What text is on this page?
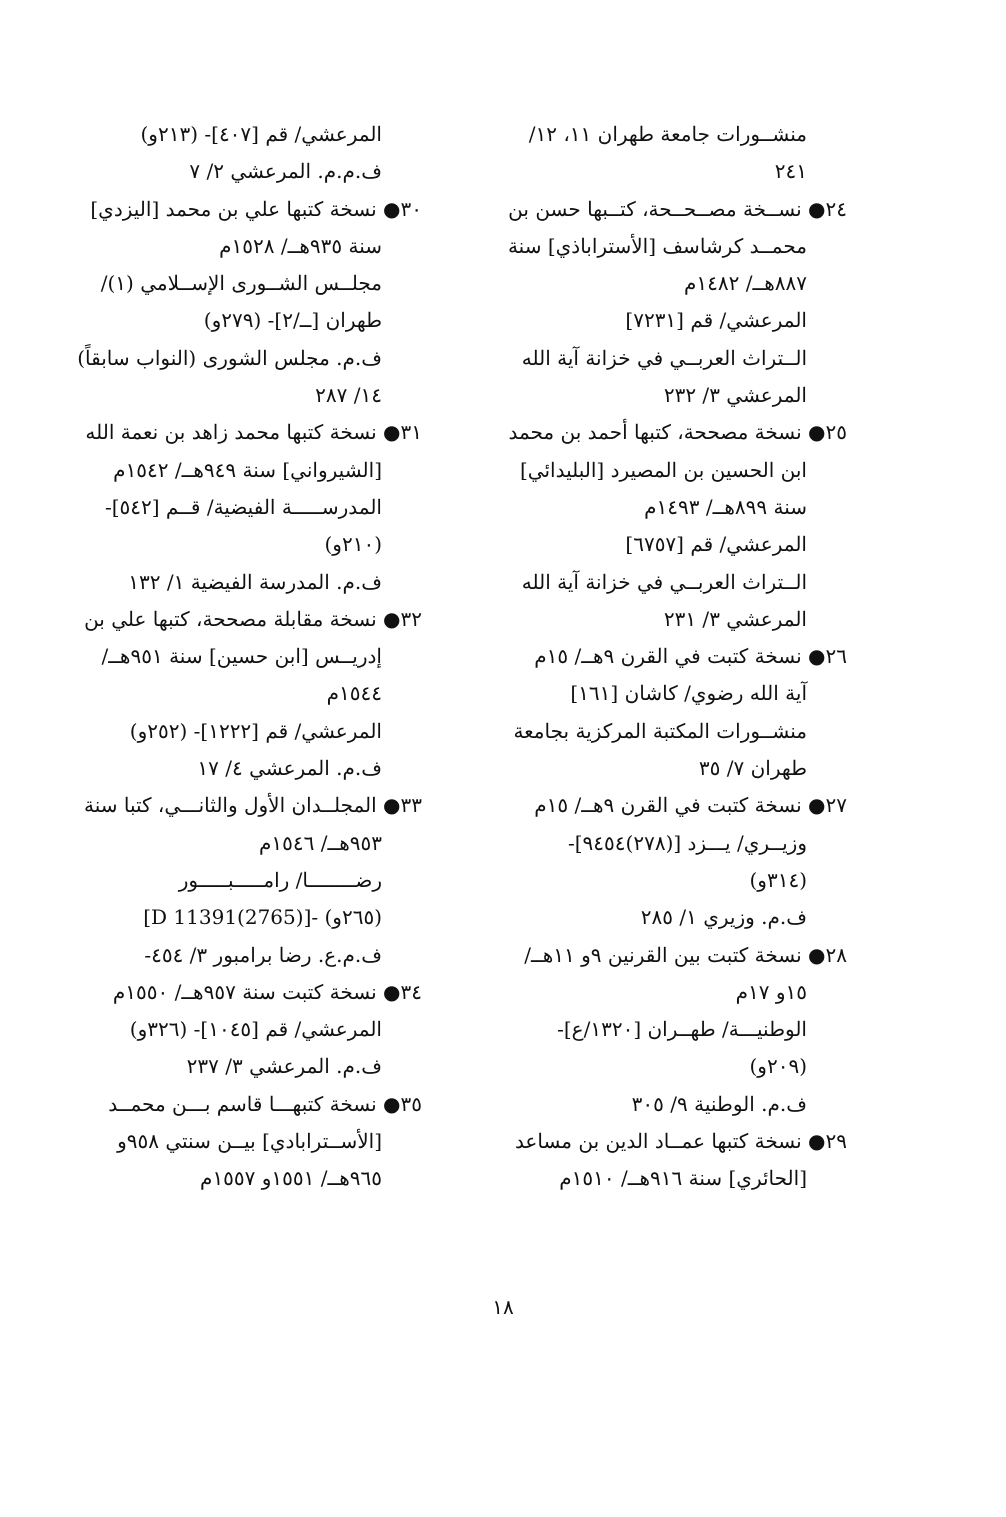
منشــورات جامعة طهران ۱۱، ۱۲/
۲٤۱
۲٤● نســخة مصــحــحة، كتــبها حسن بن
محمــد كرشاسف [الأستراباذي] سنة
۸۸۷هــ/ ۱٤۸۲م
المرعشي/ قم [۷۲۳۱]
الــتراث العربــي في خزانة آية الله
المرعشي ۳/ ۲۳۲
۲٥● نسخة مصححة، كتبها أحمد بن محمد
ابن الحسين بن المصيرد [البليدائي]
سنة ۸۹۹هــ/ ۱٤۹۳م
المرعشي/ قم [٦۷٥۷]
الــتراث العربــي في خزانة آية الله
المرعشي ۳/ ۲۳۱
۲٦● نسخة كتبت في القرن ۹هــ/ ۱٥م
آية الله رضوي/ كاشان [۱٦۱]
منشــورات المكتبة المركزية بجامعة
طهران ۷/ ۳٥
۲۷● نسخة كتبت في القرن ۹هــ/ ۱٥م
وزيــري/ يـــزد [(۲۷۸)۹٤٥٤]-
(۳۱٤و)
ف.م. وزيري ۱/ ۲۸٥
۲۸● نسخة كتبت بين القرنين ۹و ۱۱هــ/
۱٥و ۱۷م
الوطنيـــة/ طهــران [۱۳۲۰/ع]-
(۲۰۹و)
ف.م. الوطنية ۹/ ۳۰٥
۲۹● نسخة كتبها عمــاد الدين بن مساعد
[الحائري] سنة ۹۱٦هــ/ ۱٥۱۰م
المرعشي/ قم [٤۰۷]- (۲۱۳و)
ف.م.م. المرعشي ۲/ ۷
۳۰● نسخة كتبها علي بن محمد [اليزدي]
سنة ۹۳٥هــ/ ۱٥۲۸م
مجلــس الشــورى الإســلامي (۱)/
طهران [ــ/۲]- (۲۷۹و)
ف.م. مجلس الشورى (النواب سابقاً)
۱٤/ ۲۸۷
۳۱● نسخة كتبها محمد زاهد بن نعمة الله
[الشيرواني] سنة ۹٤۹هــ/ ۱٥٤۲م
المدرســـــة الفيضية/ قــم [٥٤۲]-
(۲۱۰و)
ف.م. المدرسة الفيضية ۱/ ۱۳۲
۳۲● نسخة مقابلة مصححة، كتبها علي بن
إدريــس [ابن حسين] سنة ۹٥۱هــ/
۱٥٤٤م
المرعشي/ قم [۱۲۲۲]- (۲٥۲و)
ف.م. المرعشي ٤/ ۱۷
۳۳● المجلــدان الأول والثانـــي، كتبا سنة
۹٥۳هــ/ ۱٥٤٦م
رضــــــــا/ رامـــــبـــــور
(۲٦٥و) -[(2765)11391 D]
ف.م.ع. رضا برامبور ۳/ ٤٥٤-
۳٤● نسخة كتبت سنة ۹٥۷هــ/ ۱٥٥۰م
المرعشي/ قم [۱۰٤٥]- (۳۲٦و)
ف.م. المرعشي ۳/ ۲۳۷
۳٥● نسخة كتبهـــا قاسم بـــن محمــد
[الأســترابادي] بيــن سنتي ۹٥۸و
۹٦٥هــ/ ۱٥٥۱و ۱٥٥۷م
۱۸
